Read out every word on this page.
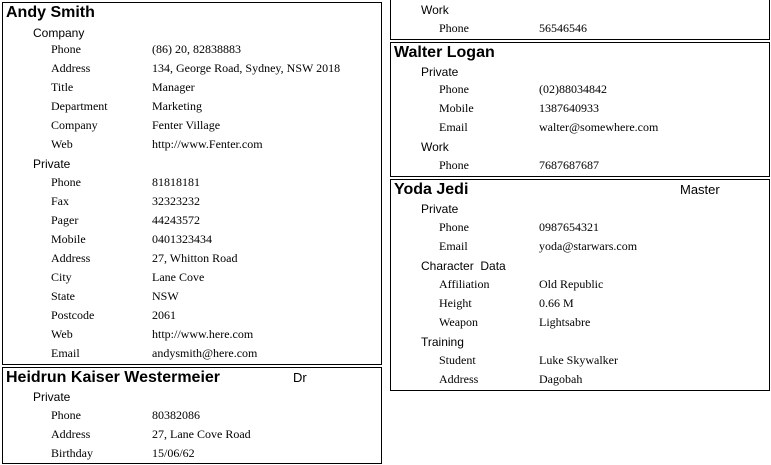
Andy Smith
Company
Phone	(86) 20, 82838883
Address	134, George Road, Sydney, NSW 2018
Title	Manager
Department	Marketing
Company	Fenter Village
Web	http://www.Fenter.com
Private
Phone	81818181
Fax	32323232
Pager	44243572
Mobile	0401323434
Address	27, Whitton Road
City	Lane Cove
State	NSW
Postcode	2061
Web	http://www.here.com
Email	andysmith@here.com
Heidrun Kaiser Westermeier	Dr
Private
Phone	80382086
Address	27, Lane Cove Road
Birthday	15/06/62
Work
Phone	56546546
Walter Logan
Private
Phone	(02)88034842
Mobile	1387640933
Email	walter@somewhere.com
Work
Phone	7687687687
Yoda Jedi	Master
Private
Phone	0987654321
Email	yoda@starwars.com
Character  Data
Affiliation	Old Republic
Height	0.66 M
Weapon	Lightsabre
Training
Student	Luke Skywalker
Address	Dagobah
